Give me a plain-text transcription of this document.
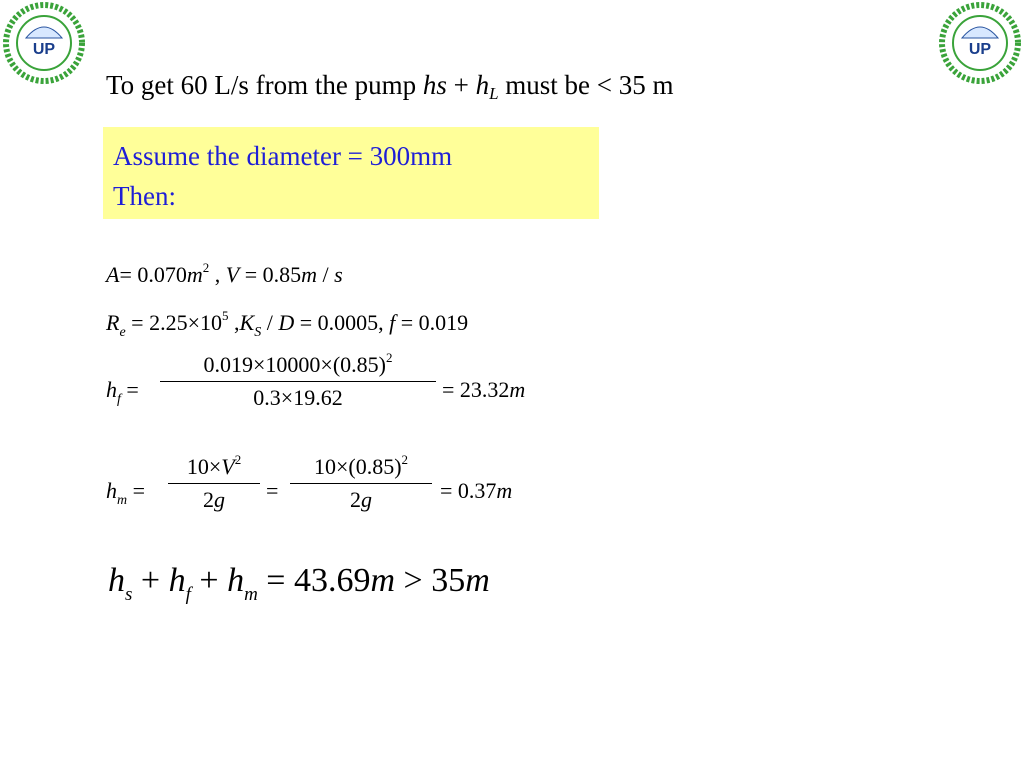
UP	UP
To get 60 L/s from the pump hs + $h_L$ must be < 35 m
Assume the diameter = 300mm
Then:
$A= 0.070m^2$ , V = 0.85m / s
$R_e = 2.25\times 10^5$ $,K_S / D = 0.0005$, f = 0.019
$h_f$ =
$0.019\times 10000\times(0.85)^2$
0.3×19.62	= 23.32m
$h_m$ =
$10\times V^2$
2g	=
$10\times(0.85)^2$
2g	= 0.37m
$h_s + h_f + h_m = 43.69m > 35m$
